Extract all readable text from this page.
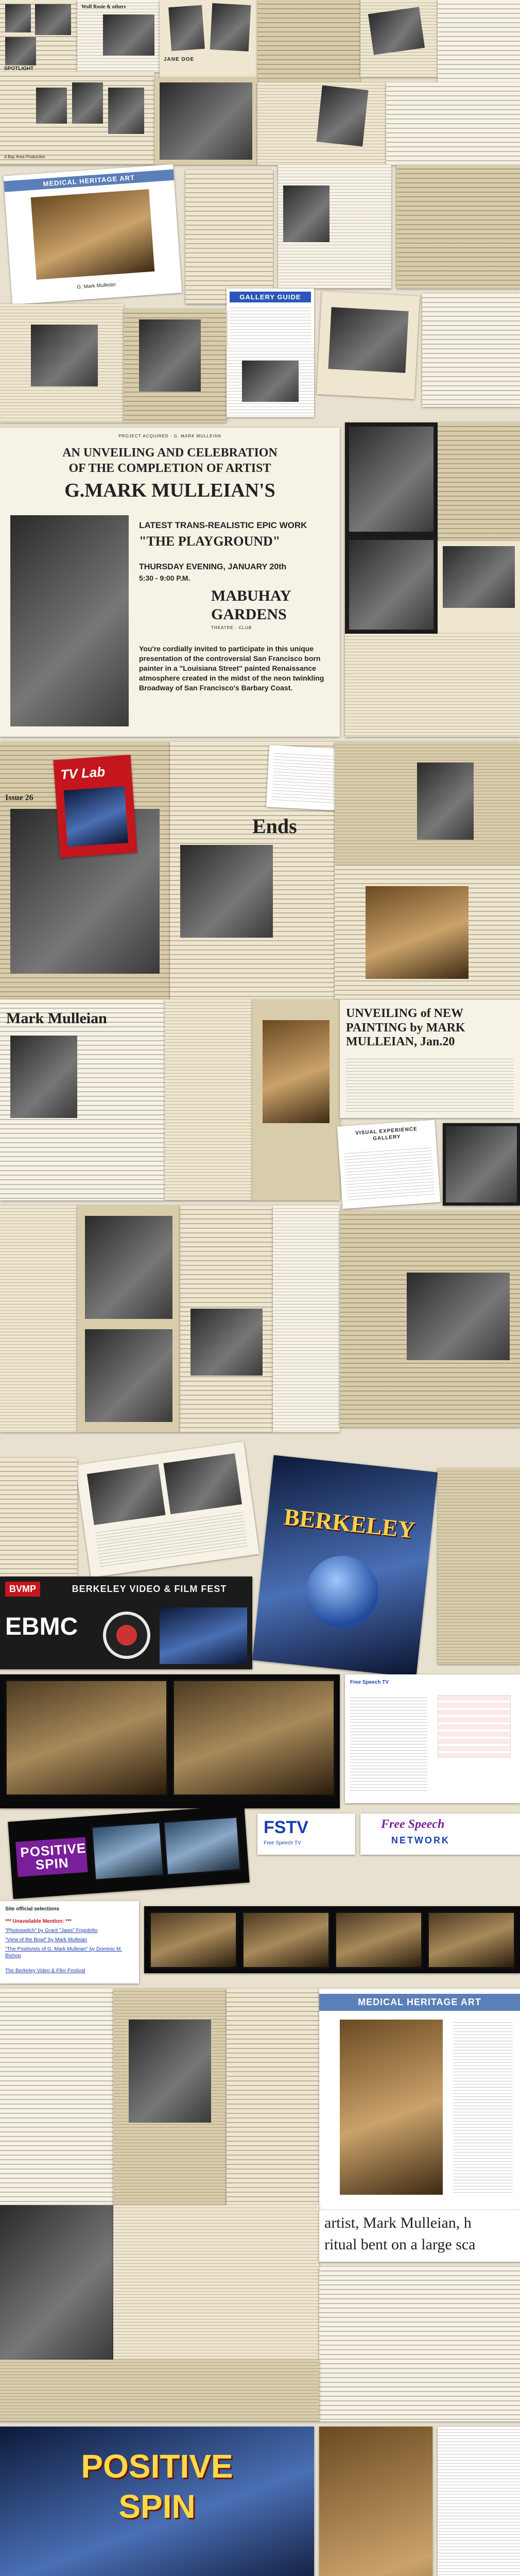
SPOTLIGHT
Wolf Rosie & others
JANE DOE
A Bay Area Production
MEDICAL HERITAGE ART
G. Mark Mulleian
GALLERY GUIDE
PROJECT ACQUIRED · G. MARK MULLEIAN
AN UNVEILING AND CELEBRATION
OF THE COMPLETION OF ARTIST
G.MARK MULLEIAN'S
LATEST TRANS-REALISTIC EPIC WORK
"THE PLAYGROUND"
THURSDAY EVENING, JANUARY 20th
5:30 - 9:00 P.M.
MABUHAY
GARDENS
THEATRE · CLUB
You're cordially invited to participate in this unique presentation of the controversial San Francisco born painter in a "Louisiana Street" painted Renaissance atmosphere created in the midst of the neon twinkling Broadway of San Francisco's Barbary Coast.
Issue 26
TV Lab
Ends
Mark Mulleian	UNVEILING of NEW PAINTING by MARK MULLEIAN, Jan.20
VISUAL EXPERIENCE GALLERY
BVMP	BERKELEY VIDEO & FILM FEST
EBMC
BERKELEY
Free Speech TV
POSITIVE SPIN
FSTV
Free Speech TV
Free Speech
NETWORK
Site official selections
*** Unavailable Mention: ***
"Photoswitch" by Grant "Jaws" Frigoletto
"View of the Bowl" by Mark Mulleian
"The Positivists of G. Mark Mulleian" by Dominic M. Bishop
The Berkeley Video & Film Festival
MEDICAL HERITAGE ART
artist, Mark Mulleian, h
ritual bent on a large sca
POSITIVE
SPIN
